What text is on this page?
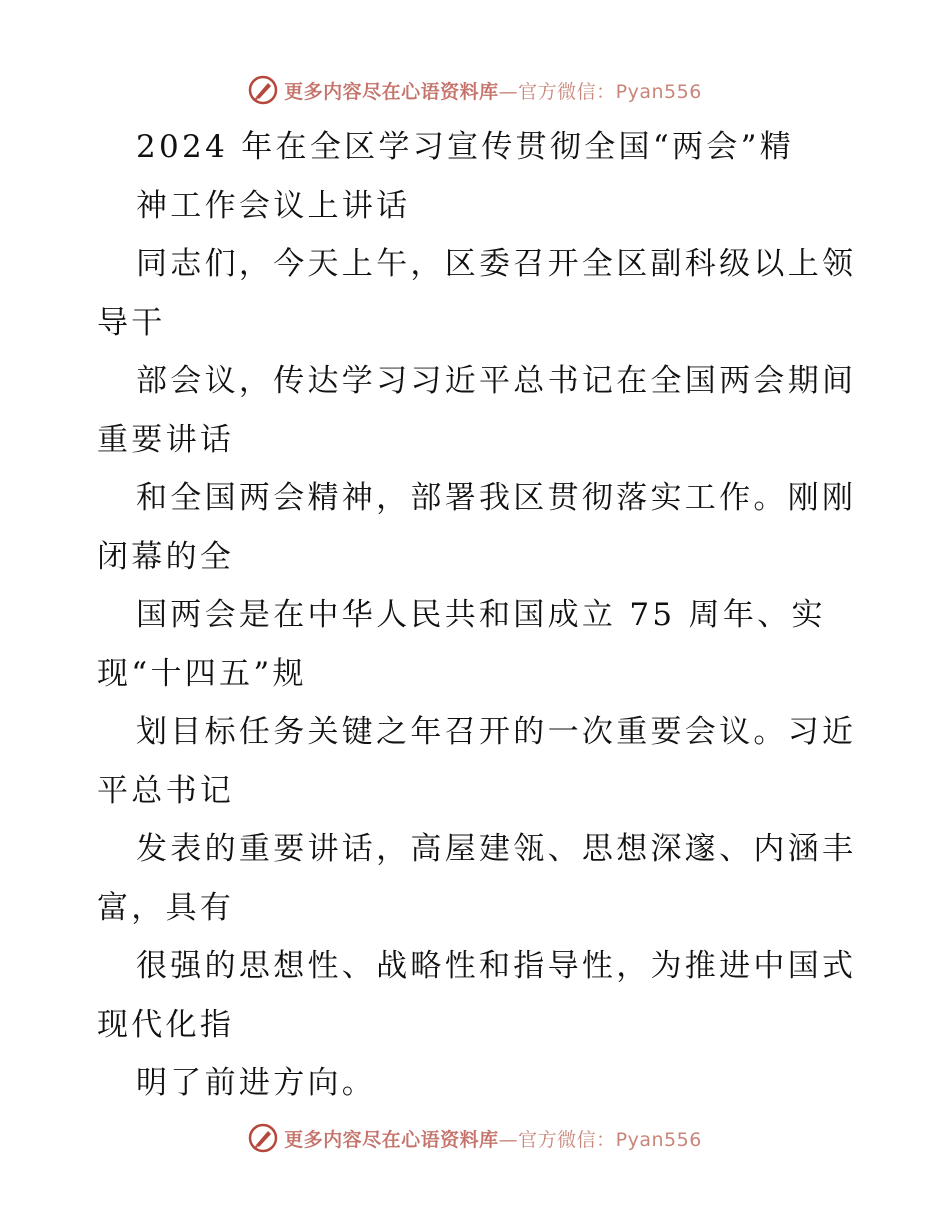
更多内容尽在心语资料库—官方微信：Pyan556
2024 年在全区学习宣传贯彻全国“两会”精
神工作会议上讲话
同志们，今天上午，区委召开全区副科级以上领
导干
部会议，传达学习习近平总书记在全国两会期间
重要讲话
和全国两会精神，部署我区贯彻落实工作。刚刚
闭幕的全
国两会是在中华人民共和国成立 75 周年、实
现“十四五”规
划目标任务关键之年召开的一次重要会议。习近
平总书记
发表的重要讲话，高屋建瓴、思想深邃、内涵丰
富，具有
很强的思想性、战略性和指导性，为推进中国式
现代化指
明了前进方向。
更多内容尽在心语资料库—官方微信：Pyan556
